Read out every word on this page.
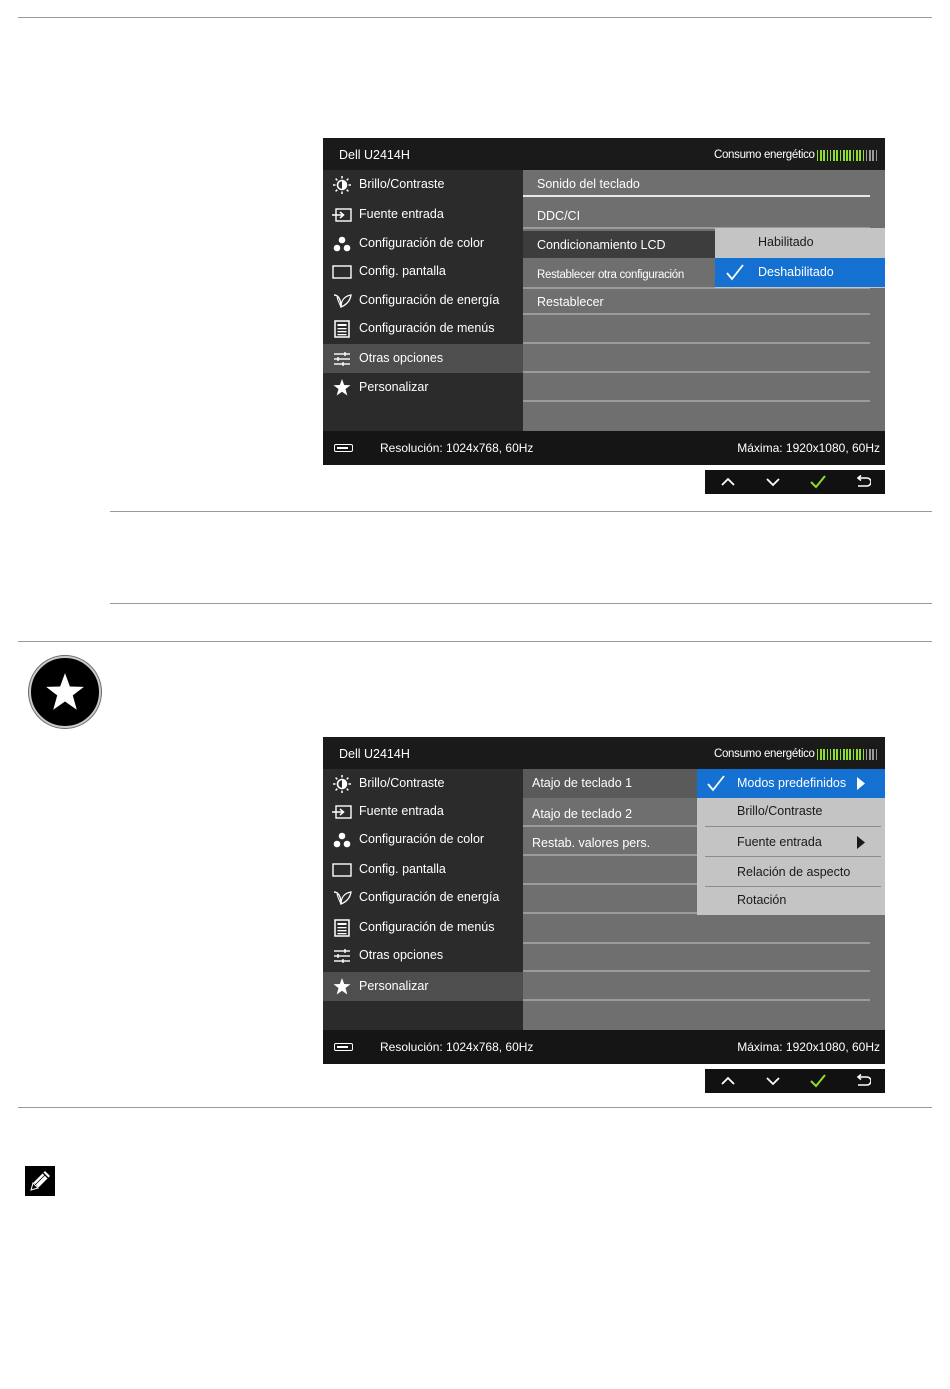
Dell U2414H	Consumo energético
Brillo/Contraste
Fuente entrada
Configuración de color
Config. pantalla
Configuración de energía
Configuración de menús
Otras opciones
Personalizar
Sonido del teclado
DDC/CI
Condicionamiento LCD
Restablecer otra configuración
Restablecer
Habilitado
Deshabilitado
Resolución: 1024x768, 60Hz	Máxima: 1920x1080, 60Hz
Dell U2414H	Consumo energético
Brillo/Contraste
Fuente entrada
Configuración de color
Config. pantalla
Configuración de energía
Configuración de menús
Otras opciones
Personalizar
Atajo de teclado 1
Atajo de teclado 2
Restab. valores pers.
Modos predefinidos
Brillo/Contraste
Fuente entrada
Relación de aspecto
Rotación
Resolución: 1024x768, 60Hz	Máxima: 1920x1080, 60Hz
